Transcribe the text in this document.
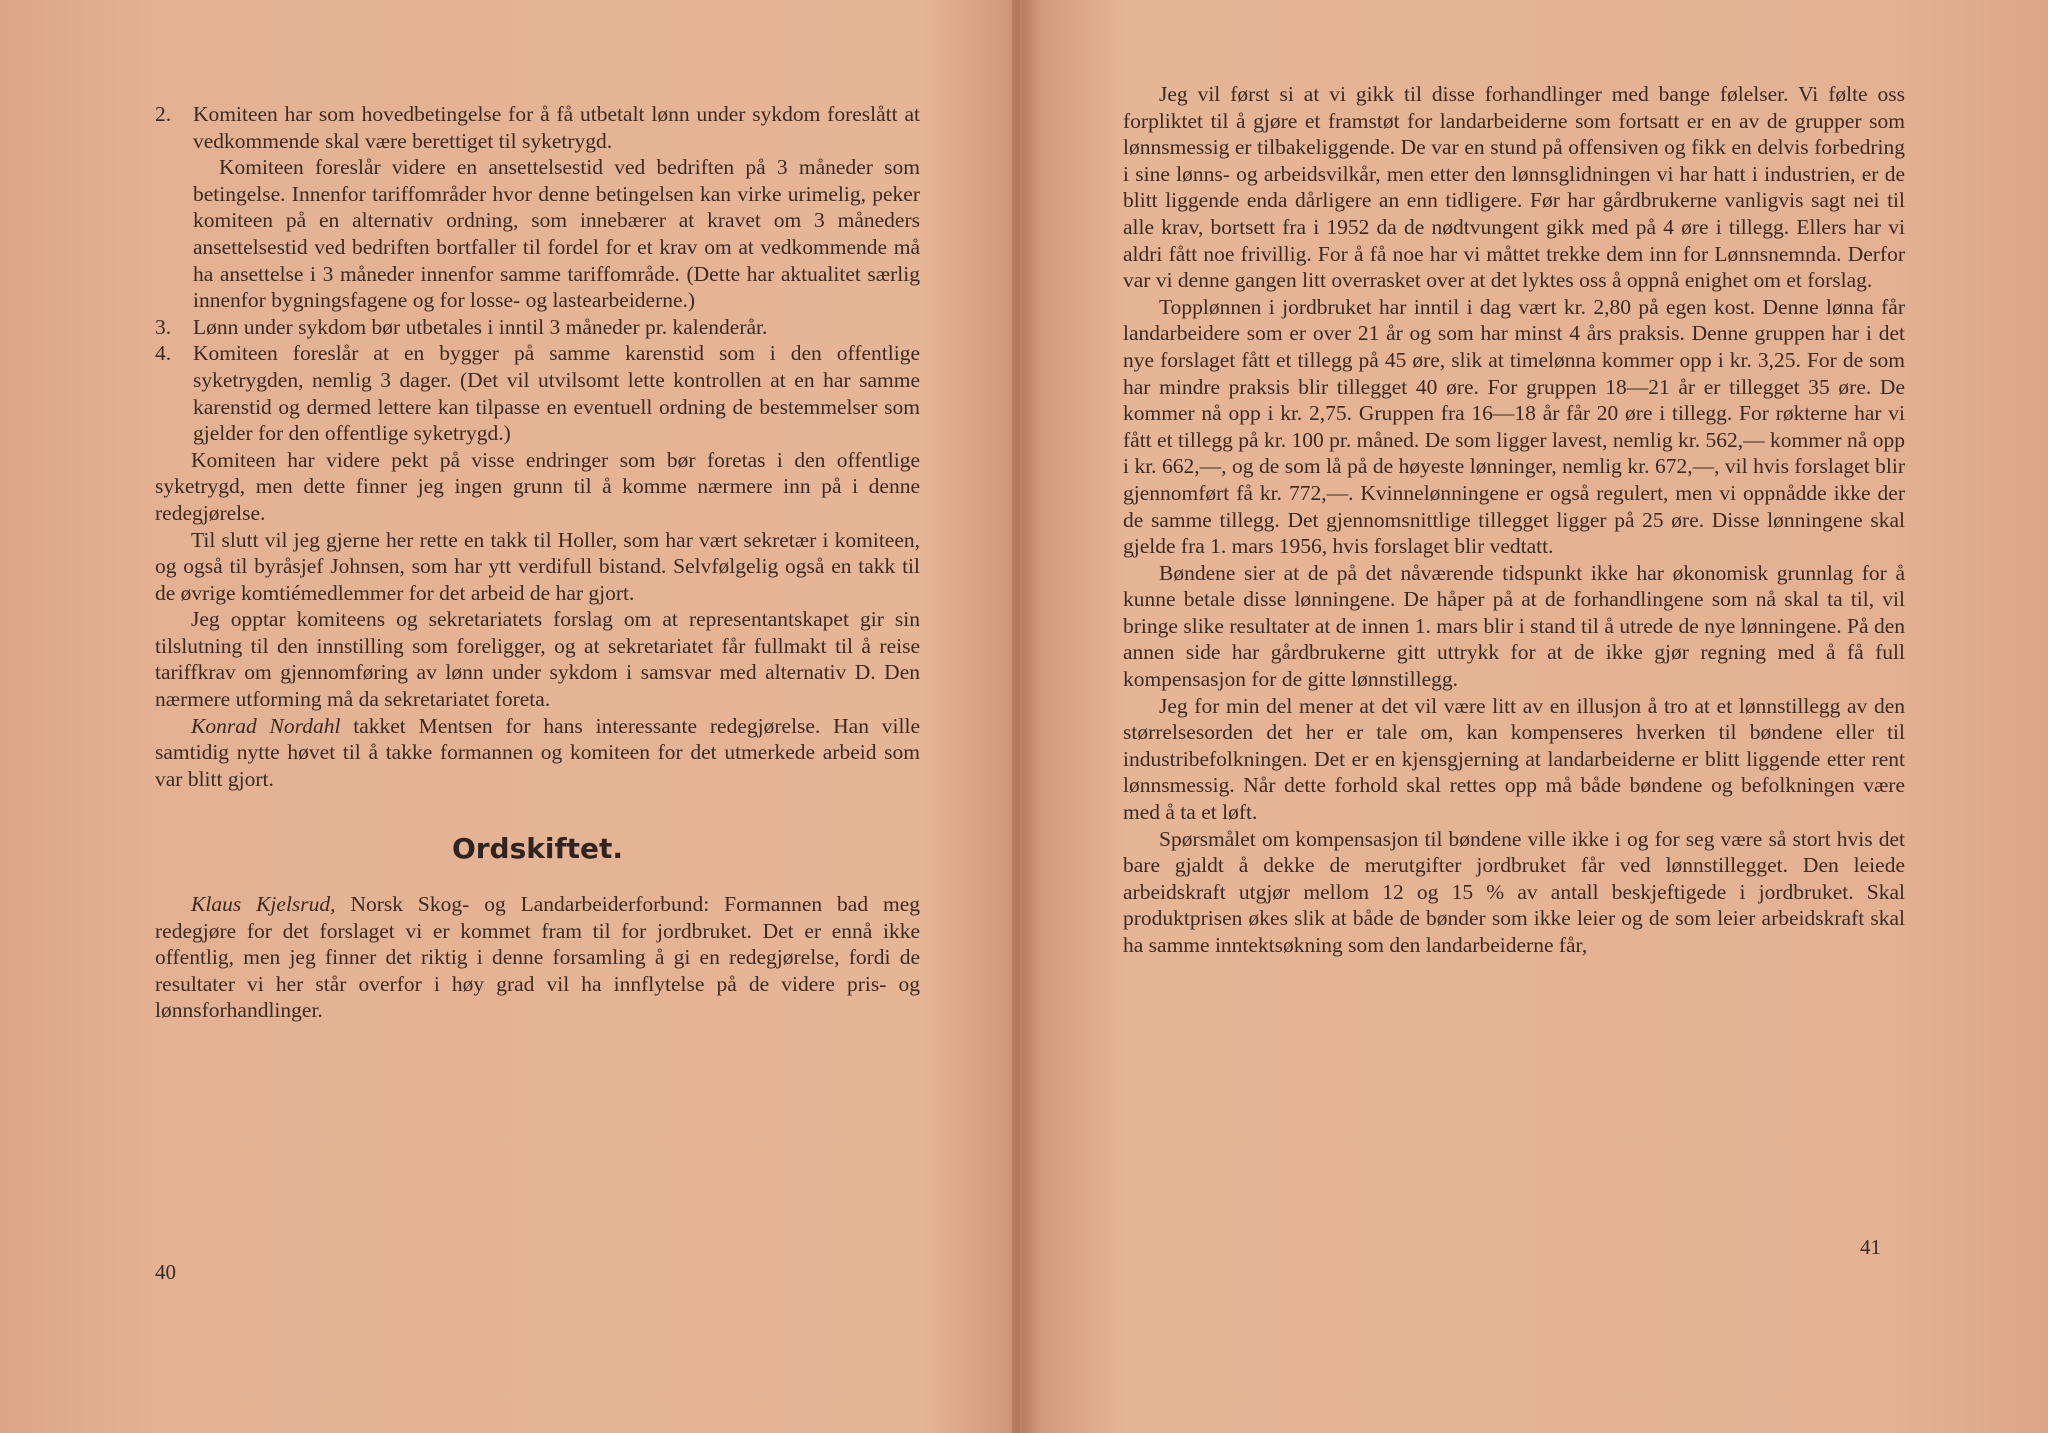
2. Komiteen har som hovedbetingelse for å få utbetalt lønn under sykdom foreslått at vedkommende skal være berettiget til syketrygd.

Komiteen foreslår videre en ansettelsestid ved bedriften på 3 måneder som betingelse. Innenfor tariffområder hvor denne betingelsen kan virke urimelig, peker komiteen på en alternativ ordning, som innebærer at kravet om 3 måneders ansettelsestid ved bedriften bortfaller til fordel for et krav om at vedkommende må ha ansettelse i 3 måneder innenfor samme tariffområde. (Dette har aktualitet særlig innenfor bygningsfagene og for losse- og lastearbeiderne.)

3. Lønn under sykdom bør utbetales i inntil 3 måneder pr. kalenderår.

4. Komiteen foreslår at en bygger på samme karenstid som i den offentlige syketrygden, nemlig 3 dager. (Det vil utvilsomt lette kontrollen at en har samme karenstid og dermed lettere kan tilpasse en eventuell ordning de bestemmelser som gjelder for den offentlige syketrygd.)

Komiteen har videre pekt på visse endringer som bør foretas i den offentlige syketrygd, men dette finner jeg ingen grunn til å komme nærmere inn på i denne redegjørelse.

Til slutt vil jeg gjerne her rette en takk til Holler, som har vært sekretær i komiteen, og også til byråsjef Johnsen, som har ytt verdifull bistand. Selvfølgelig også en takk til de øvrige komtiémedlemmer for det arbeid de har gjort.

Jeg opptar komiteens og sekretariatets forslag om at representantskapet gir sin tilslutning til den innstilling som foreligger, og at sekretariatet får fullmakt til å reise tariffkrav om gjennomføring av lønn under sykdom i samsvar med alternativ D. Den nærmere utforming må da sekretariatet foreta.

Konrad Nordahl takket Mentsen for hans interessante redegjørelse. Han ville samtidig nytte høvet til å takke formannen og komiteen for det utmerkede arbeid som var blitt gjort.

Ordskiftet.

Klaus Kjelsrud, Norsk Skog- og Landarbeiderforbund: Formannen bad meg redegjøre for det forslaget vi er kommet fram til for jordbruket. Det er ennå ikke offentlig, men jeg finner det riktig i denne forsamling å gi en redegjørelse, fordi de resultater vi her står overfor i høy grad vil ha innflytelse på de videre pris- og lønnsforhandlinger.

40

Jeg vil først si at vi gikk til disse forhandlinger med bange følelser. Vi følte oss forpliktet til å gjøre et framstøt for landarbeiderne som fortsatt er en av de grupper som lønnsmessig er tilbakeliggende. De var en stund på offensiven og fikk en delvis forbedring i sine lønns- og arbeidsvilkår, men etter den lønnsglidningen vi har hatt i industrien, er de blitt liggende enda dårligere an enn tidligere. Før har gårdbrukerne vanligvis sagt nei til alle krav, bortsett fra i 1952 da de nødtvungent gikk med på 4 øre i tillegg. Ellers har vi aldri fått noe frivillig. For å få noe har vi måttet trekke dem inn for Lønnsnemnda. Derfor var vi denne gangen litt overrasket over at det lyktes oss å oppnå enighet om et forslag.

Topplønnen i jordbruket har inntil i dag vært kr. 2,80 på egen kost. Denne lønna får landarbeidere som er over 21 år og som har minst 4 års praksis. Denne gruppen har i det nye forslaget fått et tillegg på 45 øre, slik at timelønna kommer opp i kr. 3,25. For de som har mindre praksis blir tillegget 40 øre. For gruppen 18—21 år er tillegget 35 øre. De kommer nå opp i kr. 2,75. Gruppen fra 16—18 år får 20 øre i tillegg. For røkterne har vi fått et tillegg på kr. 100 pr. måned. De som ligger lavest, nemlig kr. 562,— kommer nå opp i kr. 662,—, og de som lå på de høyeste lønninger, nemlig kr. 672,—, vil hvis forslaget blir gjennomført få kr. 772,—. Kvinnelønningene er også regulert, men vi oppnådde ikke der de samme tillegg. Det gjennomsnittlige tillegget ligger på 25 øre. Disse lønningene skal gjelde fra 1. mars 1956, hvis forslaget blir vedtatt.

Bøndene sier at de på det nåværende tidspunkt ikke har økonomisk grunnlag for å kunne betale disse lønningene. De håper på at de forhandlingene som nå skal ta til, vil bringe slike resultater at de innen 1. mars blir i stand til å utrede de nye lønningene. På den annen side har gårdbrukerne gitt uttrykk for at de ikke gjør regning med å få full kompensasjon for de gitte lønnstillegg.

Jeg for min del mener at det vil være litt av en illusjon å tro at et lønnstillegg av den størrelsesorden det her er tale om, kan kompenseres hverken til bøndene eller til industribefolkningen. Det er en kjensgjerning at landarbeiderne er blitt liggende etter rent lønnsmessig. Når dette forhold skal rettes opp må både bøndene og befolkningen være med å ta et løft.

Spørsmålet om kompensasjon til bøndene ville ikke i og for seg være så stort hvis det bare gjaldt å dekke de merutgifter jordbruket får ved lønnstillegget. Den leiede arbeidskraft utgjør mellom 12 og 15 % av antall beskjeftigede i jordbruket. Skal produktprisen økes slik at både de bønder som ikke leier og de som leier arbeidskraft skal ha samme inntektsøkning som den landarbeiderne får,

41
